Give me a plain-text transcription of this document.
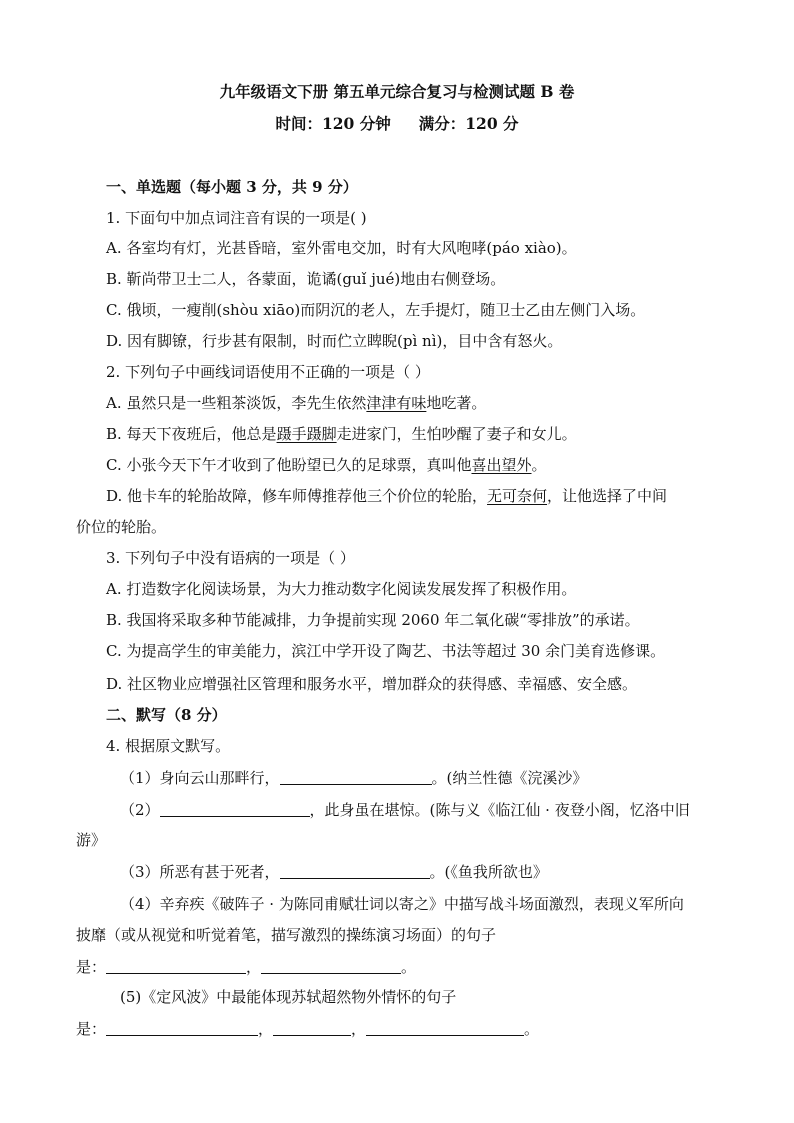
九年级语文下册 第五单元综合复习与检测试题 B 卷
时间：120 分钟 满分：120 分
一、单选题（每小题 3 分，共 9 分）
1. 下面句中加点词注音有误的一项是( )
A. 各室均有灯，光甚昏暗，室外雷电交加，时有大风咆哮(páo xiào)。
B. 靳尚带卫士二人，各蒙面，诡谲(guǐ jué)地由右侧登场。
C. 俄顷，一瘦削(shòu xiāo)而阴沉的老人，左手提灯，随卫士乙由左侧门入场。
D. 因有脚镣，行步甚有限制，时而伫立睥睨(pì nì)，目中含有怒火。
2. 下列句子中画线词语使用不正确的一项是（ ）
A. 虽然只是一些粗茶淡饭，李先生依然津津有味地吃著。
B. 每天下夜班后，他总是蹑手蹑脚走进家门，生怕吵醒了妻子和女儿。
C. 小张今天下午才收到了他盼望已久的足球票，真叫他喜出望外。
D. 他卡车的轮胎故障，修车师傅推荐他三个价位的轮胎，无可奈何，让他选择了中间
价位的轮胎。
3. 下列句子中没有语病的一项是（ ）
A. 打造数字化阅读场景，为大力推动数字化阅读发展发挥了积极作用。
B. 我国将采取多种节能减排，力争提前实现 2060 年二氧化碳“零排放”的承诺。
C. 为提高学生的审美能力，滨江中学开设了陶艺、书法等超过 30 余门美育选修课。
D. 社区物业应增强社区管理和服务水平，增加群众的获得感、幸福感、安全感。
二、默写（8 分）
4. 根据原文默写。
（1）身向云山那畔行，	。(纳兰性德《浣溪沙》
（2）	，此身虽在堪惊。(陈与义《临江仙 · 夜登小阁，忆洛中旧
游》
（3）所恶有甚于死者，	。(《鱼我所欲也》
（4）辛弃疾《破阵子 · 为陈同甫赋壮词以寄之》中描写战斗场面激烈，表现义军所向
披靡（或从视觉和听觉着笔，描写激烈的操练演习场面）的句子
是：	，	。
(5)《定风波》中最能体现苏轼超然物外情怀的句子
是：	，	，	。
